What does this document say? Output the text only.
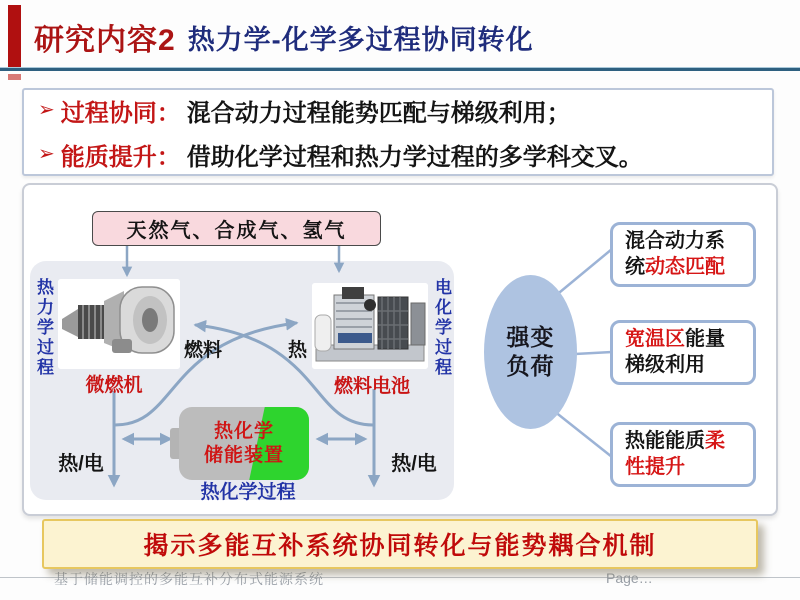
研究内容2 热力学-化学多过程协同转化
➢ 过程协同： 混合动力过程能势匹配与梯级利用；
➢ 能质提升： 借助化学过程和热力学过程的多学科交叉。
天然气、合成气、氢气
热力学过程	电化学过程
微燃机	燃料电池
燃料	热
热化学
储能装置
热化学过程
热/电	热/电
强变
负荷
混合动力系统动态匹配
宽温区能量梯级利用
热能能质柔性提升
揭示多能互补系统协同转化与能势耦合机制
基于储能调控的多能互补分布式能源系统	Page…
